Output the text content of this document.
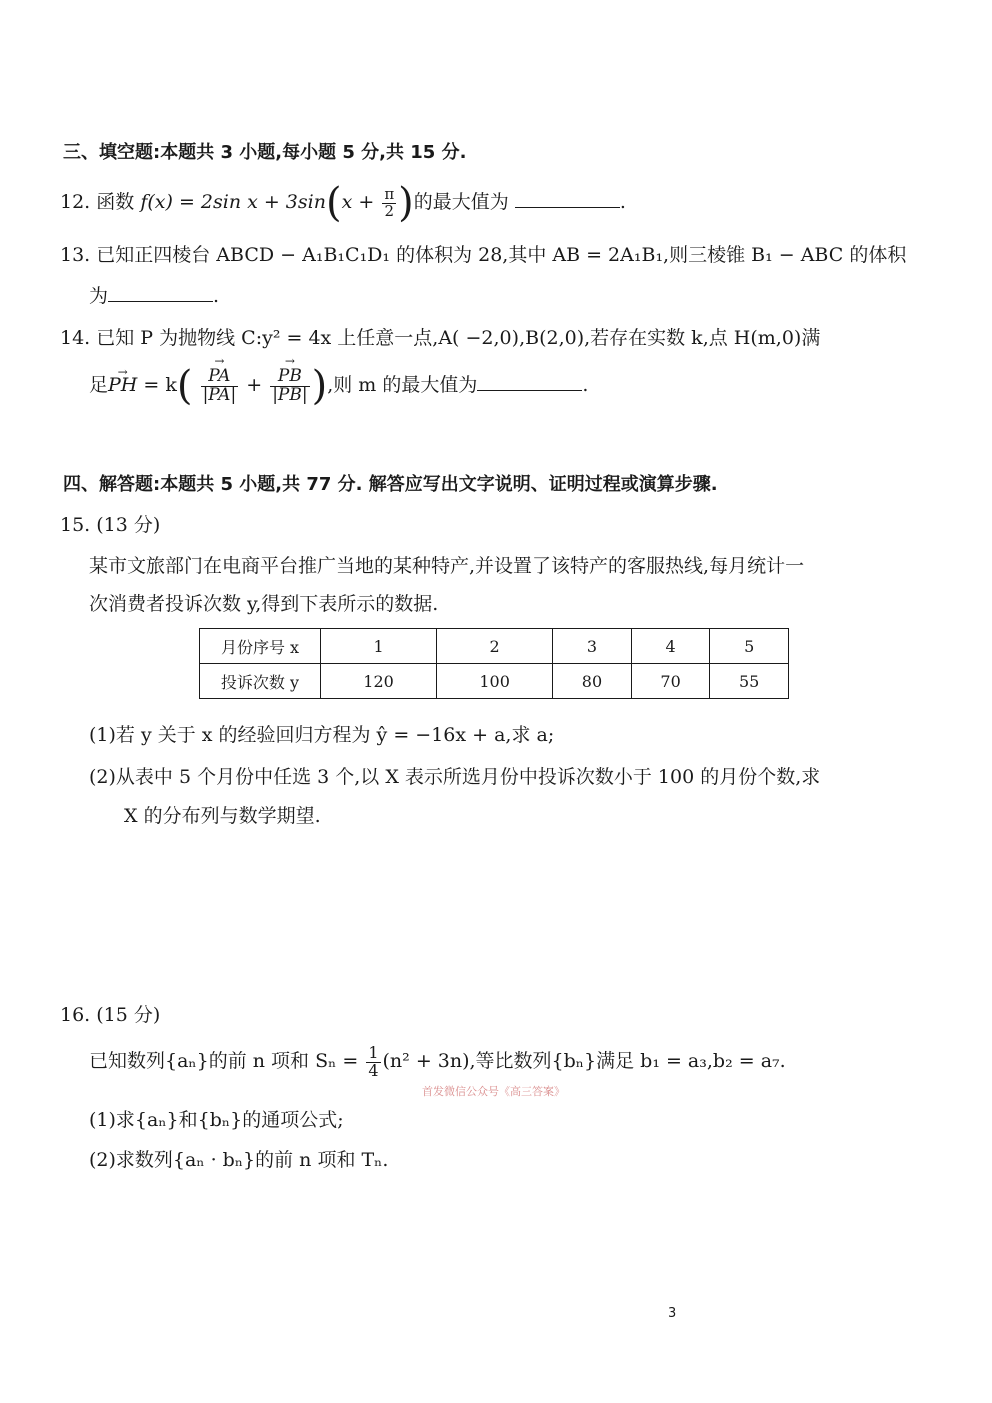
三、填空题:本题共 3 小题,每小题 5 分,共 15 分.
12. 函数 f(x) = 2sin $x + 3\sin(x + \frac{\pi}{2}$ )的最大值为	.
13. 已知正四棱台 ABCD − A₁B₁C₁D₁ 的体积为 28,其中 AB = 2A₁B₁,则三棱锥 B₁ − ABC 的体积
为	.
14. 已知 P 为抛物线 C:y² = 4x 上任意一点,A( −2,0),B(2,0),若存在实数 k,点 H(m,0)满
足→ PH = $k( \to \frac{PA}{|PA|}$ + → $\frac{PB}{|PB|}$ ),则 m 的最大值为	.
四、解答题:本题共 5 小题,共 77 分. 解答应写出文字说明、证明过程或演算步骤.
15. (13 分)
某市文旅部门在电商平台推广当地的某种特产,并设置了该特产的客服热线,每月统计一
次消费者投诉次数 y,得到下表所示的数据.
月份序号 x	1	2	3	4	5
投诉次数 y	120	100	80	70	55
(1)若 y 关于 x 的经验回归方程为 ŷ = −16x + a,求 a;
(2)从表中 5 个月份中任选 3 个,以 X 表示所选月份中投诉次数小于 100 的月份个数,求
X 的分布列与数学期望.
16. (15 分)
已知数列{aₙ}的前 n 项和 $S_n = \frac{1}{4} (n^2 + 3n)$,等比数列{bₙ}满足 b₁ = a₃,b₂ = a₇.
首发微信公众号《高三答案》
(1)求{aₙ}和{bₙ}的通项公式;
(2)求数列{aₙ · bₙ}的前 n 项和 Tₙ.
3
